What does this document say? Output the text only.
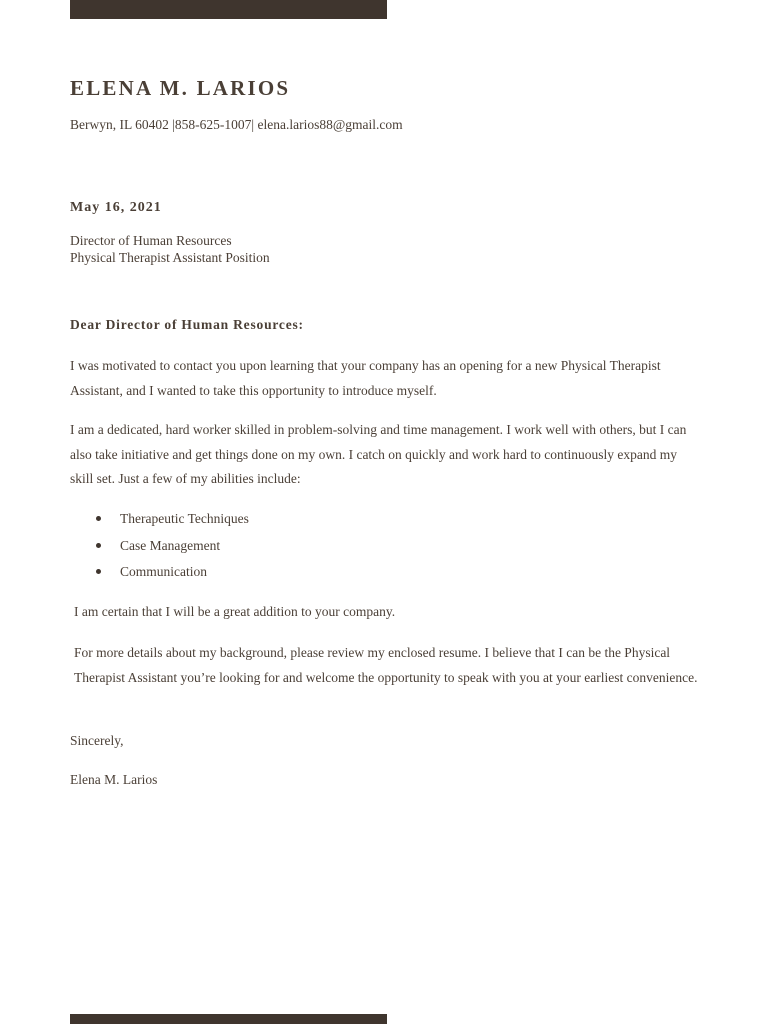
ELENA M. LARIOS
Berwyn, IL 60402 |858-625-1007| elena.larios88@gmail.com
May 16, 2021
Director of Human Resources
Physical Therapist Assistant Position
Dear Director of Human Resources:

I was motivated to contact you upon learning that your company has an opening for a new Physical Therapist Assistant, and I wanted to take this opportunity to introduce myself.

I am a dedicated, hard worker skilled in problem-solving and time management. I work well with others, but I can also take initiative and get things done on my own. I catch on quickly and work hard to continuously expand my skill set. Just a few of my abilities include:

Therapeutic Techniques
Case Management
Communication

I am certain that I will be a great addition to your company.

For more details about my background, please review my enclosed resume. I believe that I can be the Physical Therapist Assistant you’re looking for and welcome the opportunity to speak with you at your earliest convenience.

Sincerely,
Elena M. Larios
